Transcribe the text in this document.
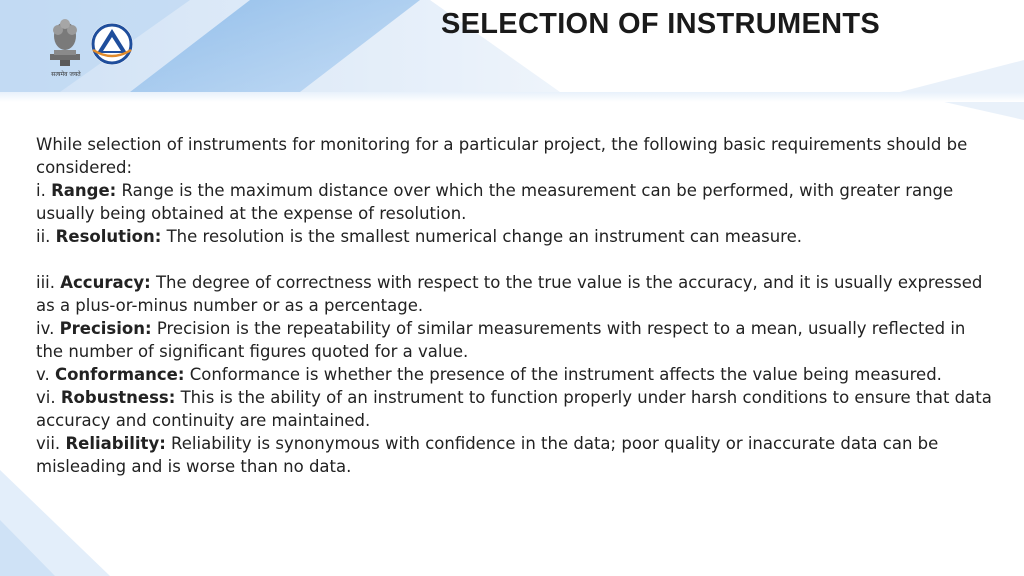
सत्यमेव जयते
SELECTION OF INSTRUMENTS

While selection of instruments for monitoring for a particular project, the following basic requirements should be considered:

i. Range: Range is the maximum distance over which the measurement can be performed, with greater range usually being obtained at the expense of resolution.

ii. Resolution: The resolution is the smallest numerical change an instrument can measure.

iii. Accuracy: The degree of correctness with respect to the true value is the accuracy, and it is usually expressed as a plus-or-minus number or as a percentage.

iv. Precision: Precision is the repeatability of similar measurements with respect to a mean, usually reflected in the number of significant figures quoted for a value.

v. Conformance: Conformance is whether the presence of the instrument affects the value being measured.

vi. Robustness: This is the ability of an instrument to function properly under harsh conditions to ensure that data accuracy and continuity are maintained.

vii. Reliability: Reliability is synonymous with confidence in the data; poor quality or inaccurate data can be misleading and is worse than no data.
